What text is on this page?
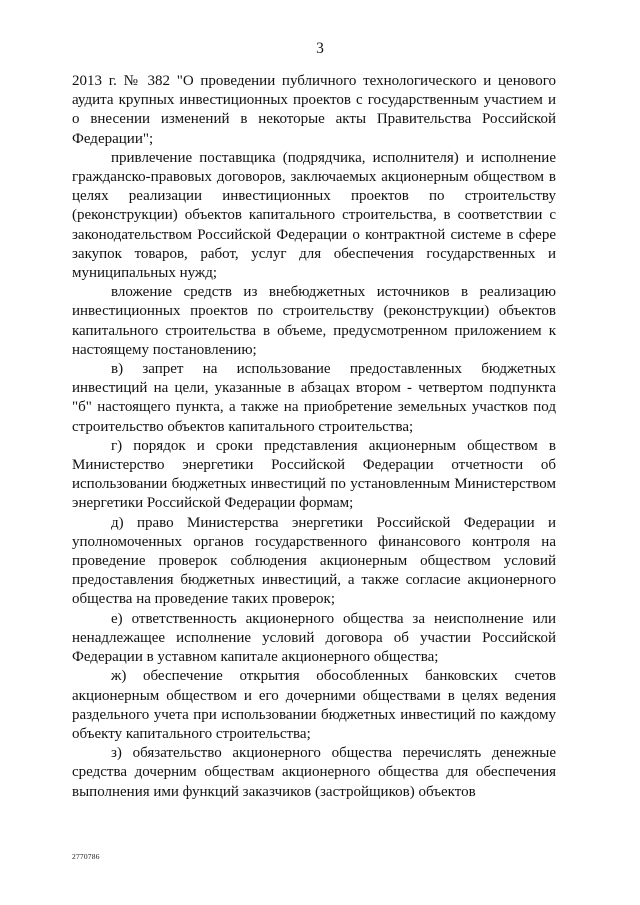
3

2013 г. № 382 "О проведении публичного технологического и ценового аудита крупных инвестиционных проектов с государственным участием и о внесении изменений в некоторые акты Правительства Российской Федерации";

привлечение поставщика (подрядчика, исполнителя) и исполнение гражданско-правовых договоров, заключаемых акционерным обществом в целях реализации инвестиционных проектов по строительству (реконструкции) объектов капитального строительства, в соответствии с законодательством Российской Федерации о контрактной системе в сфере закупок товаров, работ, услуг для обеспечения государственных и муниципальных нужд;

вложение средств из внебюджетных источников в реализацию инвестиционных проектов по строительству (реконструкции) объектов капитального строительства в объеме, предусмотренном приложением к настоящему постановлению;

в) запрет на использование предоставленных бюджетных инвестиций на цели, указанные в абзацах втором - четвертом подпункта "б" настоящего пункта, а также на приобретение земельных участков под строительство объектов капитального строительства;

г) порядок и сроки представления акционерным обществом в Министерство энергетики Российской Федерации отчетности об использовании бюджетных инвестиций по установленным Министерством энергетики Российской Федерации формам;

д) право Министерства энергетики Российской Федерации и уполномоченных органов государственного финансового контроля на проведение проверок соблюдения акционерным обществом условий предоставления бюджетных инвестиций, а также согласие акционерного общества на проведение таких проверок;

е) ответственность акционерного общества за неисполнение или ненадлежащее исполнение условий договора об участии Российской Федерации в уставном капитале акционерного общества;

ж) обеспечение открытия обособленных банковских счетов акционерным обществом и его дочерними обществами в целях ведения раздельного учета при использовании бюджетных инвестиций по каждому объекту капитального строительства;

з) обязательство акционерного общества перечислять денежные средства дочерним обществам акционерного общества для обеспечения выполнения ими функций заказчиков (застройщиков) объектов

2770786
